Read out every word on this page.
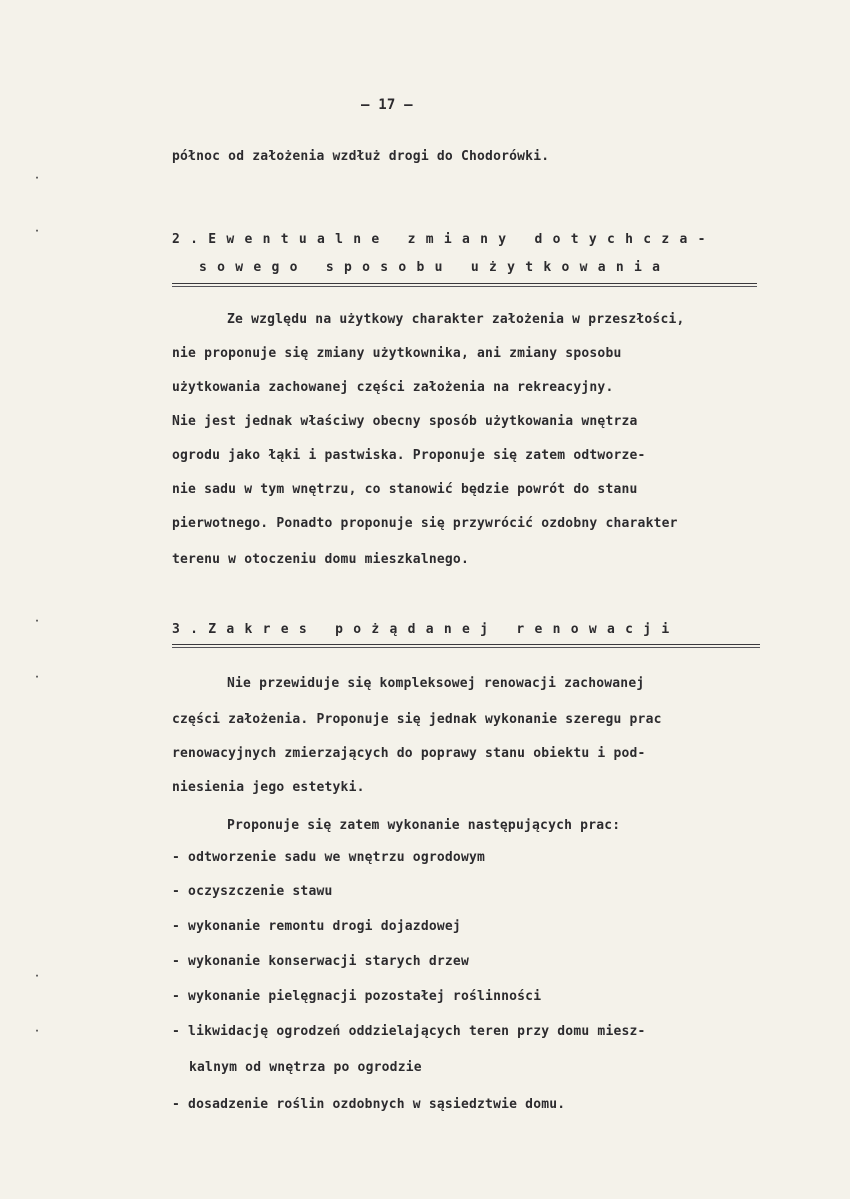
– 17 –
północ od założenia wzdłuż drogi do Chodorówki.
2.Ewentualne zmiany dotychcza-
sowego sposobu użytkowania
Ze względu na użytkowy charakter założenia w przeszłości,
nie proponuje się zmiany użytkownika, ani zmiany sposobu
użytkowania zachowanej części założenia na rekreacyjny.
Nie jest jednak właściwy obecny sposób użytkowania wnętrza
ogrodu jako łąki i pastwiska. Proponuje się zatem odtworze-
nie sadu w tym wnętrzu, co stanowić będzie powrót do stanu
pierwotnego. Ponadto proponuje się przywrócić ozdobny charakter
terenu w otoczeniu domu mieszkalnego.
3.Zakres pożądanej renowacji
Nie przewiduje się kompleksowej renowacji zachowanej
części założenia. Proponuje się jednak wykonanie szeregu prac
renowacyjnych zmierzających do poprawy stanu obiektu i pod-
niesienia jego estetyki.
Proponuje się zatem wykonanie następujących prac:
- odtworzenie sadu we wnętrzu ogrodowym
- oczyszczenie stawu
- wykonanie remontu drogi dojazdowej
- wykonanie konserwacji starych drzew
- wykonanie pielęgnacji pozostałej roślinności
- likwidację ogrodzeń oddzielających teren przy domu miesz-
kalnym od wnętrza po ogrodzie
- dosadzenie roślin ozdobnych w sąsiedztwie domu.
·
·
·
·
·
·
